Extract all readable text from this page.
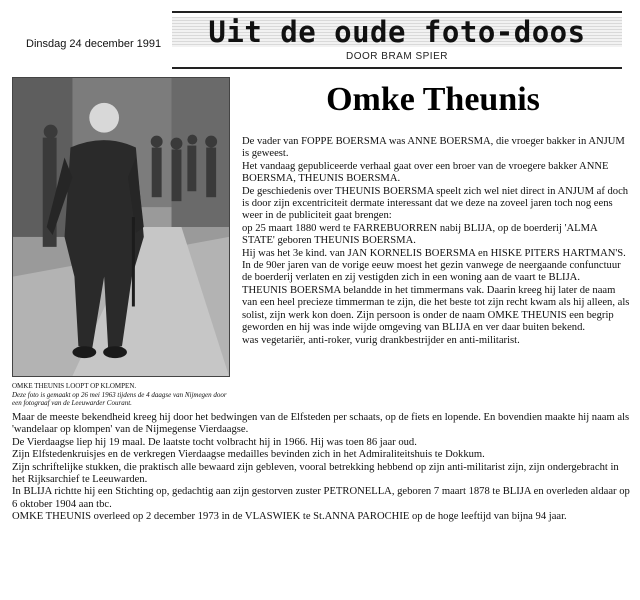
Dinsdag 24 december 1991	Uit de oude foto-doos
DOOR BRAM SPIER
OMKE THEUNIS LOOPT OP KLOMPEN.
Deze foto is gemaakt op 26 mei 1963 tijdens de 4 daagse van Nijmegen door een fotograaf van de Leeuwarder Courant.
Omke Theunis

De vader van FOPPE BOERSMA was ANNE BOERSMA, die vroeger bakker in ANJUM is geweest.

Het vandaag gepubliceerde verhaal gaat over een broer van de vroegere bakker ANNE BOERSMA, THEUNIS BOERSMA.

De geschiedenis over THEUNIS BOERSMA speelt zich wel niet direct in ANJUM af doch is door zijn excentriciteit dermate interessant dat we deze na zoveel jaren toch nog eens weer in de publiciteit gaat brengen:

op 25 maart 1880 werd te FARREBUORREN nabij BLIJA, op de boerderij 'ALMA STATE' geboren THEUNIS BOERSMA.

Hij was het 3e kind. van JAN KORNELIS BOERSMA en HISKE PITERS HARTMAN'S.

In de 90er jaren van de vorige eeuw moest het gezin vanwege de neergaande confunctuur de boerderij verlaten en zij vestigden zich in een woning aan de vaart te BLIJA.

THEUNIS BOERSMA belandde in het timmermans vak. Daarin kreeg hij later de naam van een heel precieze timmerman te zijn, die het beste tot zijn recht kwam als hij alleen, als solist, zijn werk kon doen. Zijn persoon is onder de naam OMKE THEUNIS een begrip geworden en hij was inde wijde omgeving van BLIJA en ver daar buiten bekend.

was vegetariër, anti-roker, vurig drankbestrijder en anti-militarist.

Maar de meeste bekendheid kreeg hij door het bedwingen van de Elfsteden per schaats, op de fiets en lopende. En bovendien maakte hij naam als 'wandelaar op klompen' van de Nijmegense Vierdaagse.

De Vierdaagse liep hij 19 maal. De laatste tocht volbracht hij in 1966. Hij was toen 86 jaar oud.

Zijn Elfstedenkruisjes en de verkregen Vierdaagse medailles bevinden zich in het Admiraliteitshuis te Dokkum.

Zijn schriftelijke stukken, die praktisch alle bewaard zijn gebleven, vooral betrekking hebbend op zijn anti-militarist zijn, zijn ondergebracht in het Rijksarchief te Leeuwarden.

In BLIJA richtte hij een Stichting op, gedachtig aan zijn gestorven zuster PETRONELLA, geboren 7 maart 1878 te BLIJA en overleden aldaar op 6 oktober 1904 aan tbc.

OMKE THEUNIS overleed op 2 december 1973 in de VLASWIEK te St.ANNA PAROCHIE op de hoge leeftijd van bijna 94 jaar.
